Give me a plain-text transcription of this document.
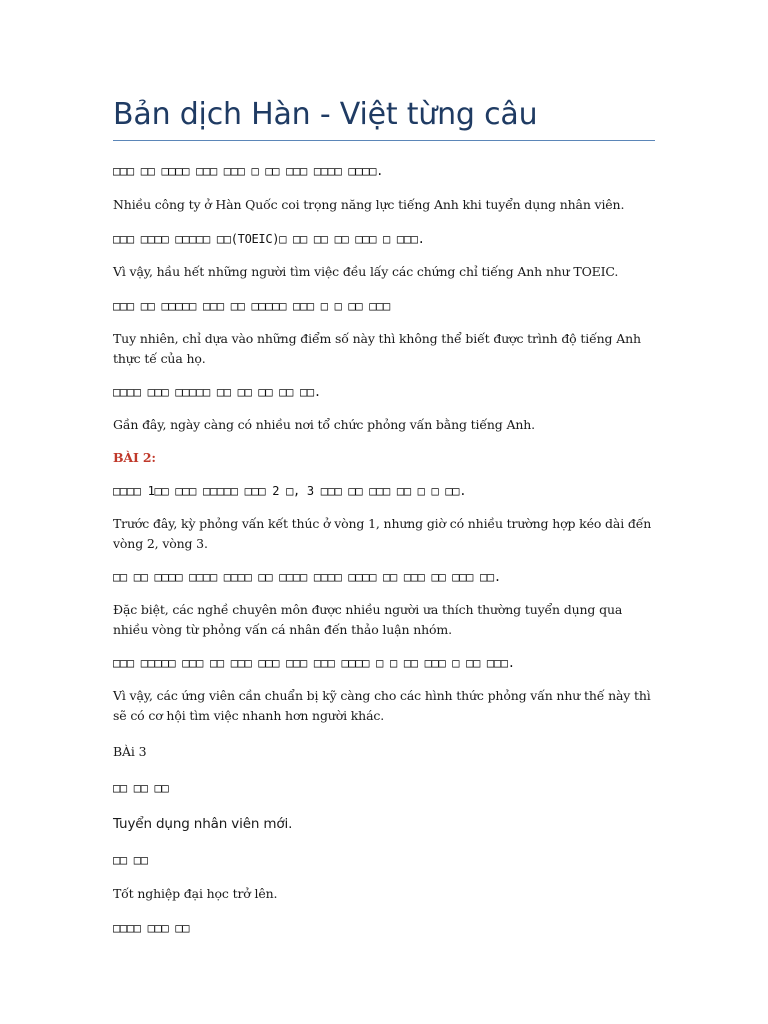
Bản dịch Hàn - Việt từng câu

□□□ □□ □□□□ □□□ □□□ □ □□ □□□ □□□□ □□□□.

Nhiều công ty ở Hàn Quốc coi trọng năng lực tiếng Anh khi tuyển dụng nhân viên.

□□□ □□□□ □□□□□ □□(TOEIC)□ □□ □□ □□ □□□ □ □□□.

Vì vậy, hầu hết những người tìm việc đều lấy các chứng chỉ tiếng Anh như TOEIC.

□□□ □□ □□□□□ □□□ □□ □□□□□ □□□ □ □ □□ □□□

Tuy nhiên, chỉ dựa vào những điểm số này thì không thể biết được trình độ tiếng Anh thực tế của họ.

□□□□ □□□ □□□□□ □□ □□ □□ □□ □□.

Gần đây, ngày càng có nhiều nơi tổ chức phỏng vấn bằng tiếng Anh.

BÀI 2:

□□□□ 1□□ □□□ □□□□□ □□□ 2 □, 3 □□□ □□ □□□ □□ □ □ □□.

Trước đây, kỳ phỏng vấn kết thúc ở vòng 1, nhưng giờ có nhiều trường hợp kéo dài đến vòng 2, vòng 3.

□□ □□ □□□□ □□□□ □□□□ □□ □□□□ □□□□ □□□□ □□ □□□ □□ □□□ □□.

Đặc biệt, các nghề chuyên môn được nhiều người ưa thích thường tuyển dụng qua nhiều vòng từ phỏng vấn cá nhân đến thảo luận nhóm.

□□□ □□□□□ □□□ □□ □□□ □□□ □□□ □□□ □□□□ □ □ □□ □□□ □ □□ □□□.

Vì vậy, các ứng viên cần chuẩn bị kỹ càng cho các hình thức phỏng vấn như thế này thì sẽ có cơ hội tìm việc nhanh hơn người khác.

BÀi 3

□□ □□ □□

Tuyển dụng nhân viên mới.

□□ □□

Tốt nghiệp đại học trở lên.

□□□□ □□□ □□
